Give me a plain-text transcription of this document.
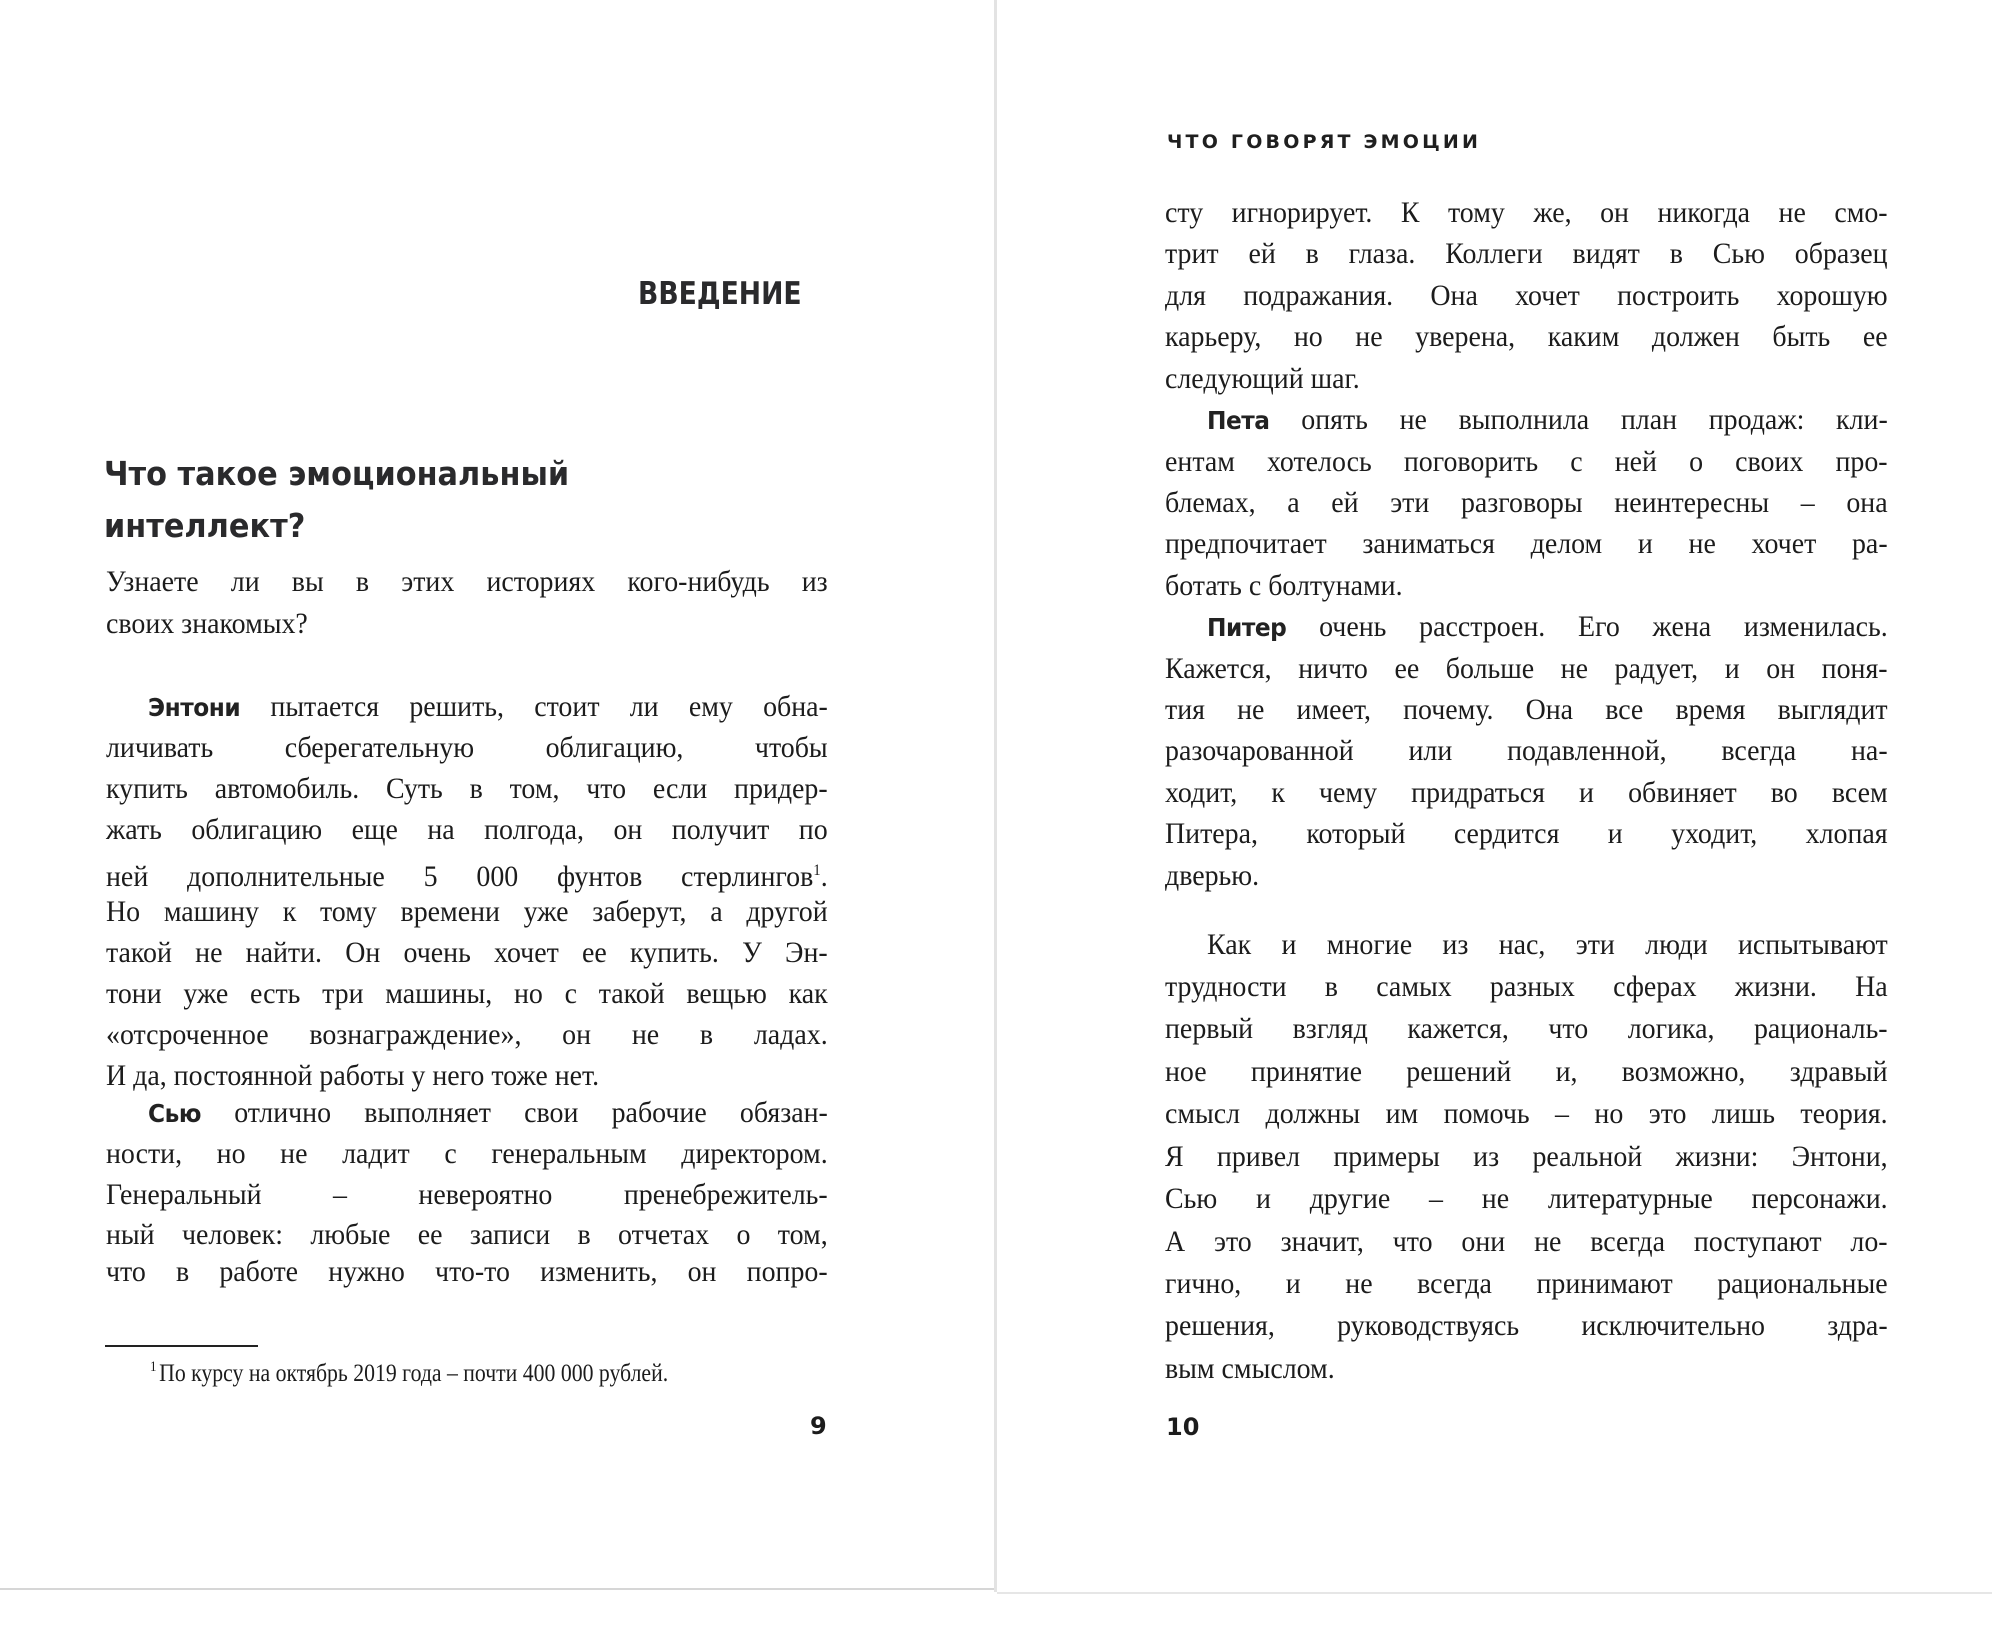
ВВЕДЕНИЕ
Что такое эмоциональный
интеллект?
Узнаете ли вы в этих историях кого-нибудь из
своих знакомых?
Энтони пытается решить, стоит ли ему обна-
личивать сберегательную облигацию, чтобы
купить автомобиль. Суть в том, что если придер-
жать облигацию еще на полгода, он получит по
ней дополнительные 5 000 фунтов стерлингов$^1$.
Но машину к тому времени уже заберут, а другой
такой не найти. Он очень хочет ее купить. У Эн-
тони уже есть три машины, но с такой вещью как
«отсроченное вознаграждение», он не в ладах.
И да, постоянной работы у него тоже нет.
Сью отлично выполняет свои рабочие обязан-
ности, но не ладит с генеральным директором.
Генеральный – невероятно пренебрежитель-
ный человек: любые ее записи в отчетах о том,
что в работе нужно что-то изменить, он попро-
$^1$ По курсу на октябрь 2019 года – почти 400 000 рублей.
9
ЧТО ГОВОРЯТ ЭМОЦИИ
сту игнорирует. К тому же, он никогда не смо-
трит ей в глаза. Коллеги видят в Сью образец
для подражания. Она хочет построить хорошую
карьеру, но не уверена, каким должен быть ее
следующий шаг.
Пета опять не выполнила план продаж: кли-
ентам хотелось поговорить с ней о своих про-
блемах, а ей эти разговоры неинтересны – она
предпочитает заниматься делом и не хочет ра-
ботать с болтунами.
Питер очень расстроен. Его жена изменилась.
Кажется, ничто ее больше не радует, и он поня-
тия не имеет, почему. Она все время выглядит
разочарованной или подавленной, всегда на-
ходит, к чему придраться и обвиняет во всем
Питера, который сердится и уходит, хлопая
дверью.
Как и многие из нас, эти люди испытывают
трудности в самых разных сферах жизни. На
первый взгляд кажется, что логика, рациональ-
ное принятие решений и, возможно, здравый
смысл должны им помочь – но это лишь теория.
Я привел примеры из реальной жизни: Энтони,
Сью и другие – не литературные персонажи.
А это значит, что они не всегда поступают ло-
гично, и не всегда принимают рациональные
решения, руководствуясь исключительно здра-
вым смыслом.
10
